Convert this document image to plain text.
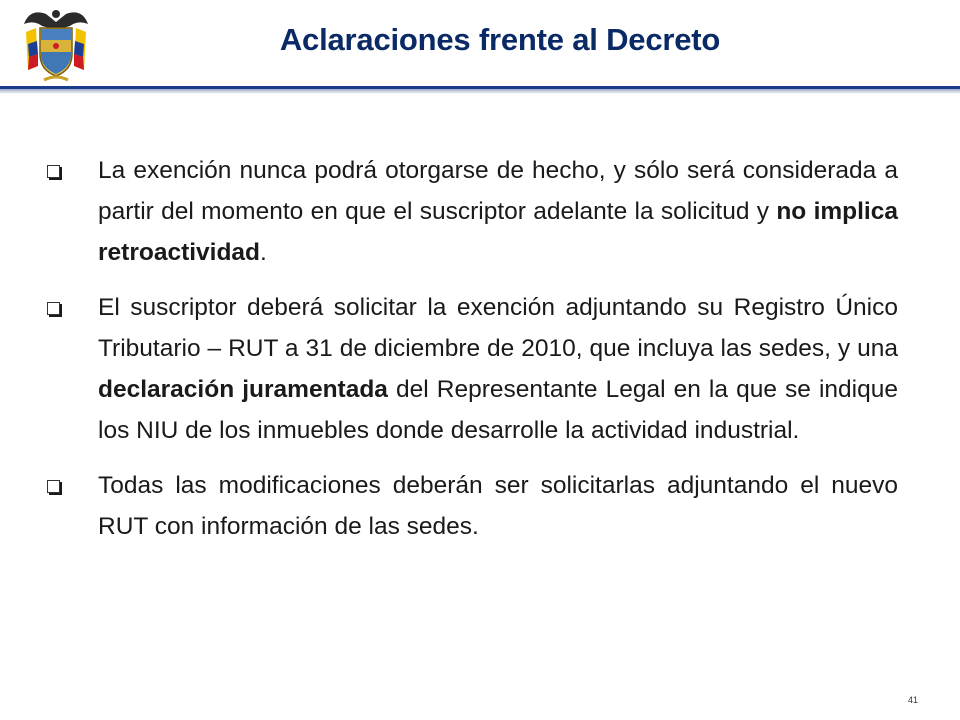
Aclaraciones frente al Decreto
La exención nunca podrá otorgarse de hecho, y sólo será considerada a partir del momento en que el suscriptor adelante la solicitud y no implica retroactividad.
El suscriptor deberá solicitar la exención adjuntando su Registro Único Tributario – RUT a 31 de diciembre de 2010, que incluya las sedes, y una declaración juramentada del Representante Legal en la que se indique los NIU de los inmuebles donde desarrolle la actividad industrial.
Todas las modificaciones deberán ser solicitarlas adjuntando el nuevo RUT con información de las sedes.
41
